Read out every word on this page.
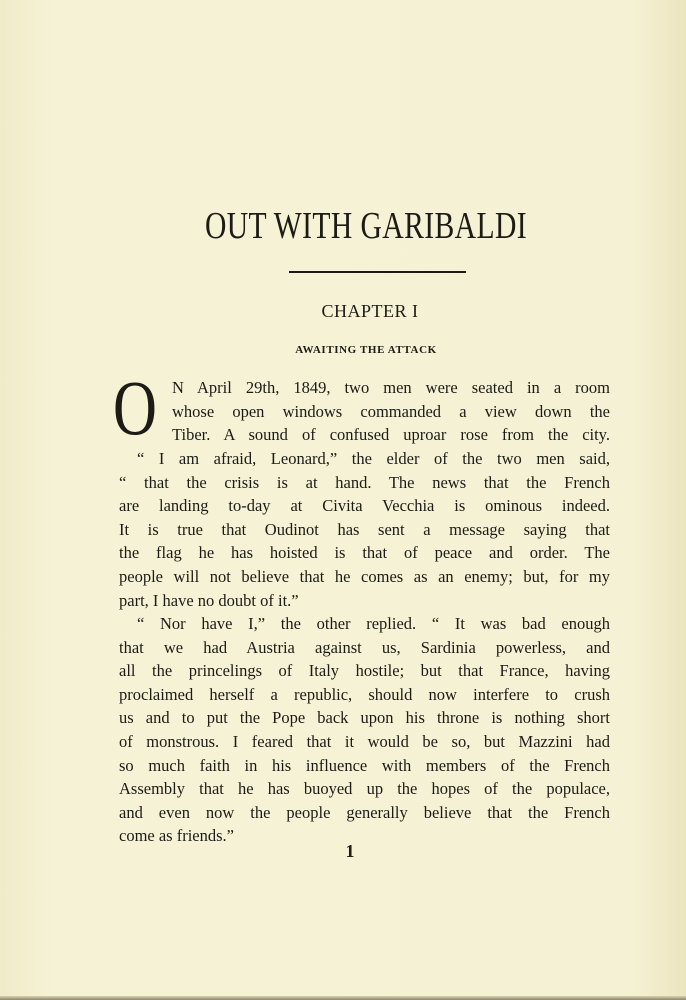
OUT WITH GARIBALDI
CHAPTER I
AWAITING THE ATTACK
O N April 29th, 1849, two men were seated in a room
whose open windows commanded a view down the
Tiber. A sound of confused uproar rose from the city.
“ I am afraid, Leonard,” the elder of the two men said,
“ that the crisis is at hand. The news that the French
are landing to-day at Civita Vecchia is ominous indeed.
It is true that Oudinot has sent a message saying that
the flag he has hoisted is that of peace and order. The
people will not believe that he comes as an enemy; but, for my
part, I have no doubt of it.”
“ Nor have I,” the other replied. “ It was bad enough
that we had Austria against us, Sardinia powerless, and
all the princelings of Italy hostile; but that France, having
proclaimed herself a republic, should now interfere to crush
us and to put the Pope back upon his throne is nothing short
of monstrous. I feared that it would be so, but Mazzini had
so much faith in his influence with members of the French
Assembly that he has buoyed up the hopes of the populace,
and even now the people generally believe that the French
come as friends.”
1
